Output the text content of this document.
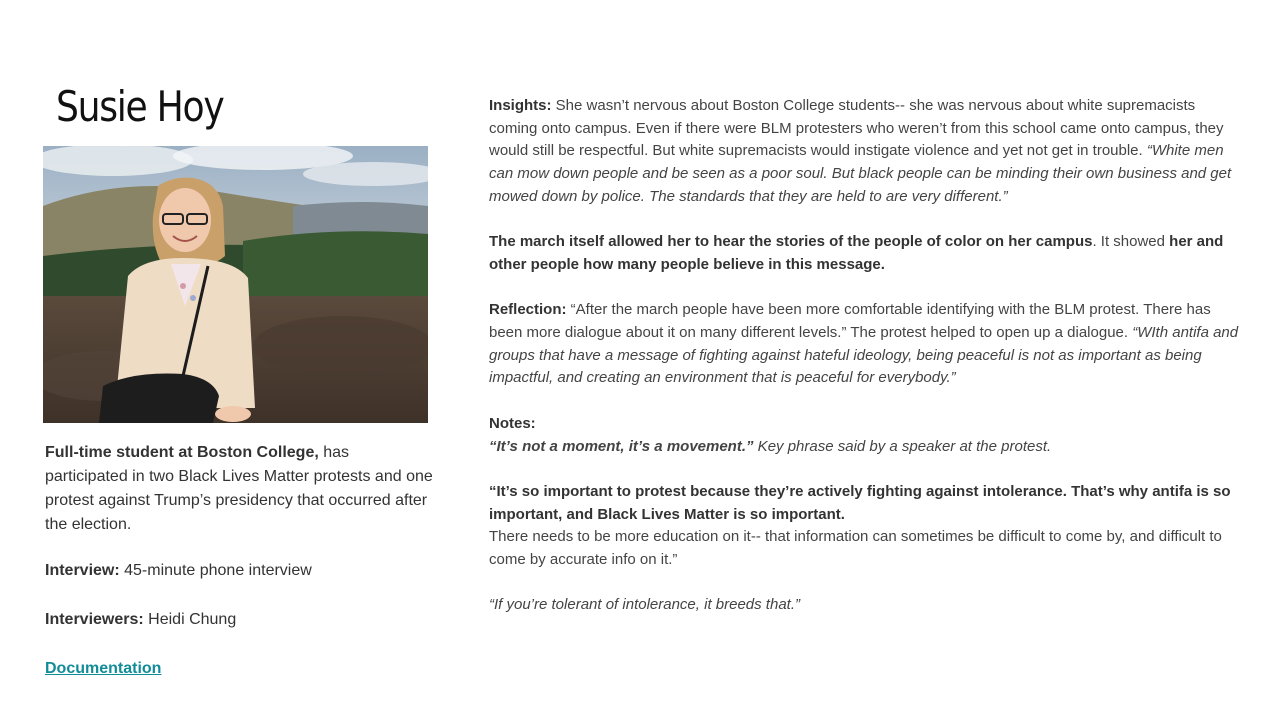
Susie Hoy

Full-time student at Boston College, has participated in two Black Lives Matter protests and one protest against Trump’s presidency that occurred after the election.

Interview: 45-minute phone interview

Interviewers: Heidi Chung

Documentation

Insights: She wasn’t nervous about Boston College students-- she was nervous about white supremacists coming onto campus. Even if there were BLM protesters who weren’t from this school came onto campus, they would still be respectful. But white supremacists would instigate violence and yet not get in trouble. “White men can mow down people and be seen as a poor soul. But black people can be minding their own business and get mowed down by police. The standards that they are held to are very different.”

The march itself allowed her to hear the stories of the people of color on her campus. It showed her and other people how many people believe in this message.

Reflection: “After the march people have been more comfortable identifying with the BLM protest. There has been more dialogue about it on many different levels.” The protest helped to open up a dialogue. “WIth antifa and groups that have a message of fighting against hateful ideology, being peaceful is not as important as being impactful, and creating an environment that is peaceful for everybody.”

Notes:

“It’s not a moment, it’s a movement.” Key phrase said by a speaker at the protest.

“It’s so important to protest because they’re actively fighting against intolerance. That’s why antifa is so important, and Black Lives Matter is so important.

There needs to be more education on it-- that information can sometimes be difficult to come by, and difficult to come by accurate info on it.”

“If you’re tolerant of intolerance, it breeds that.”
